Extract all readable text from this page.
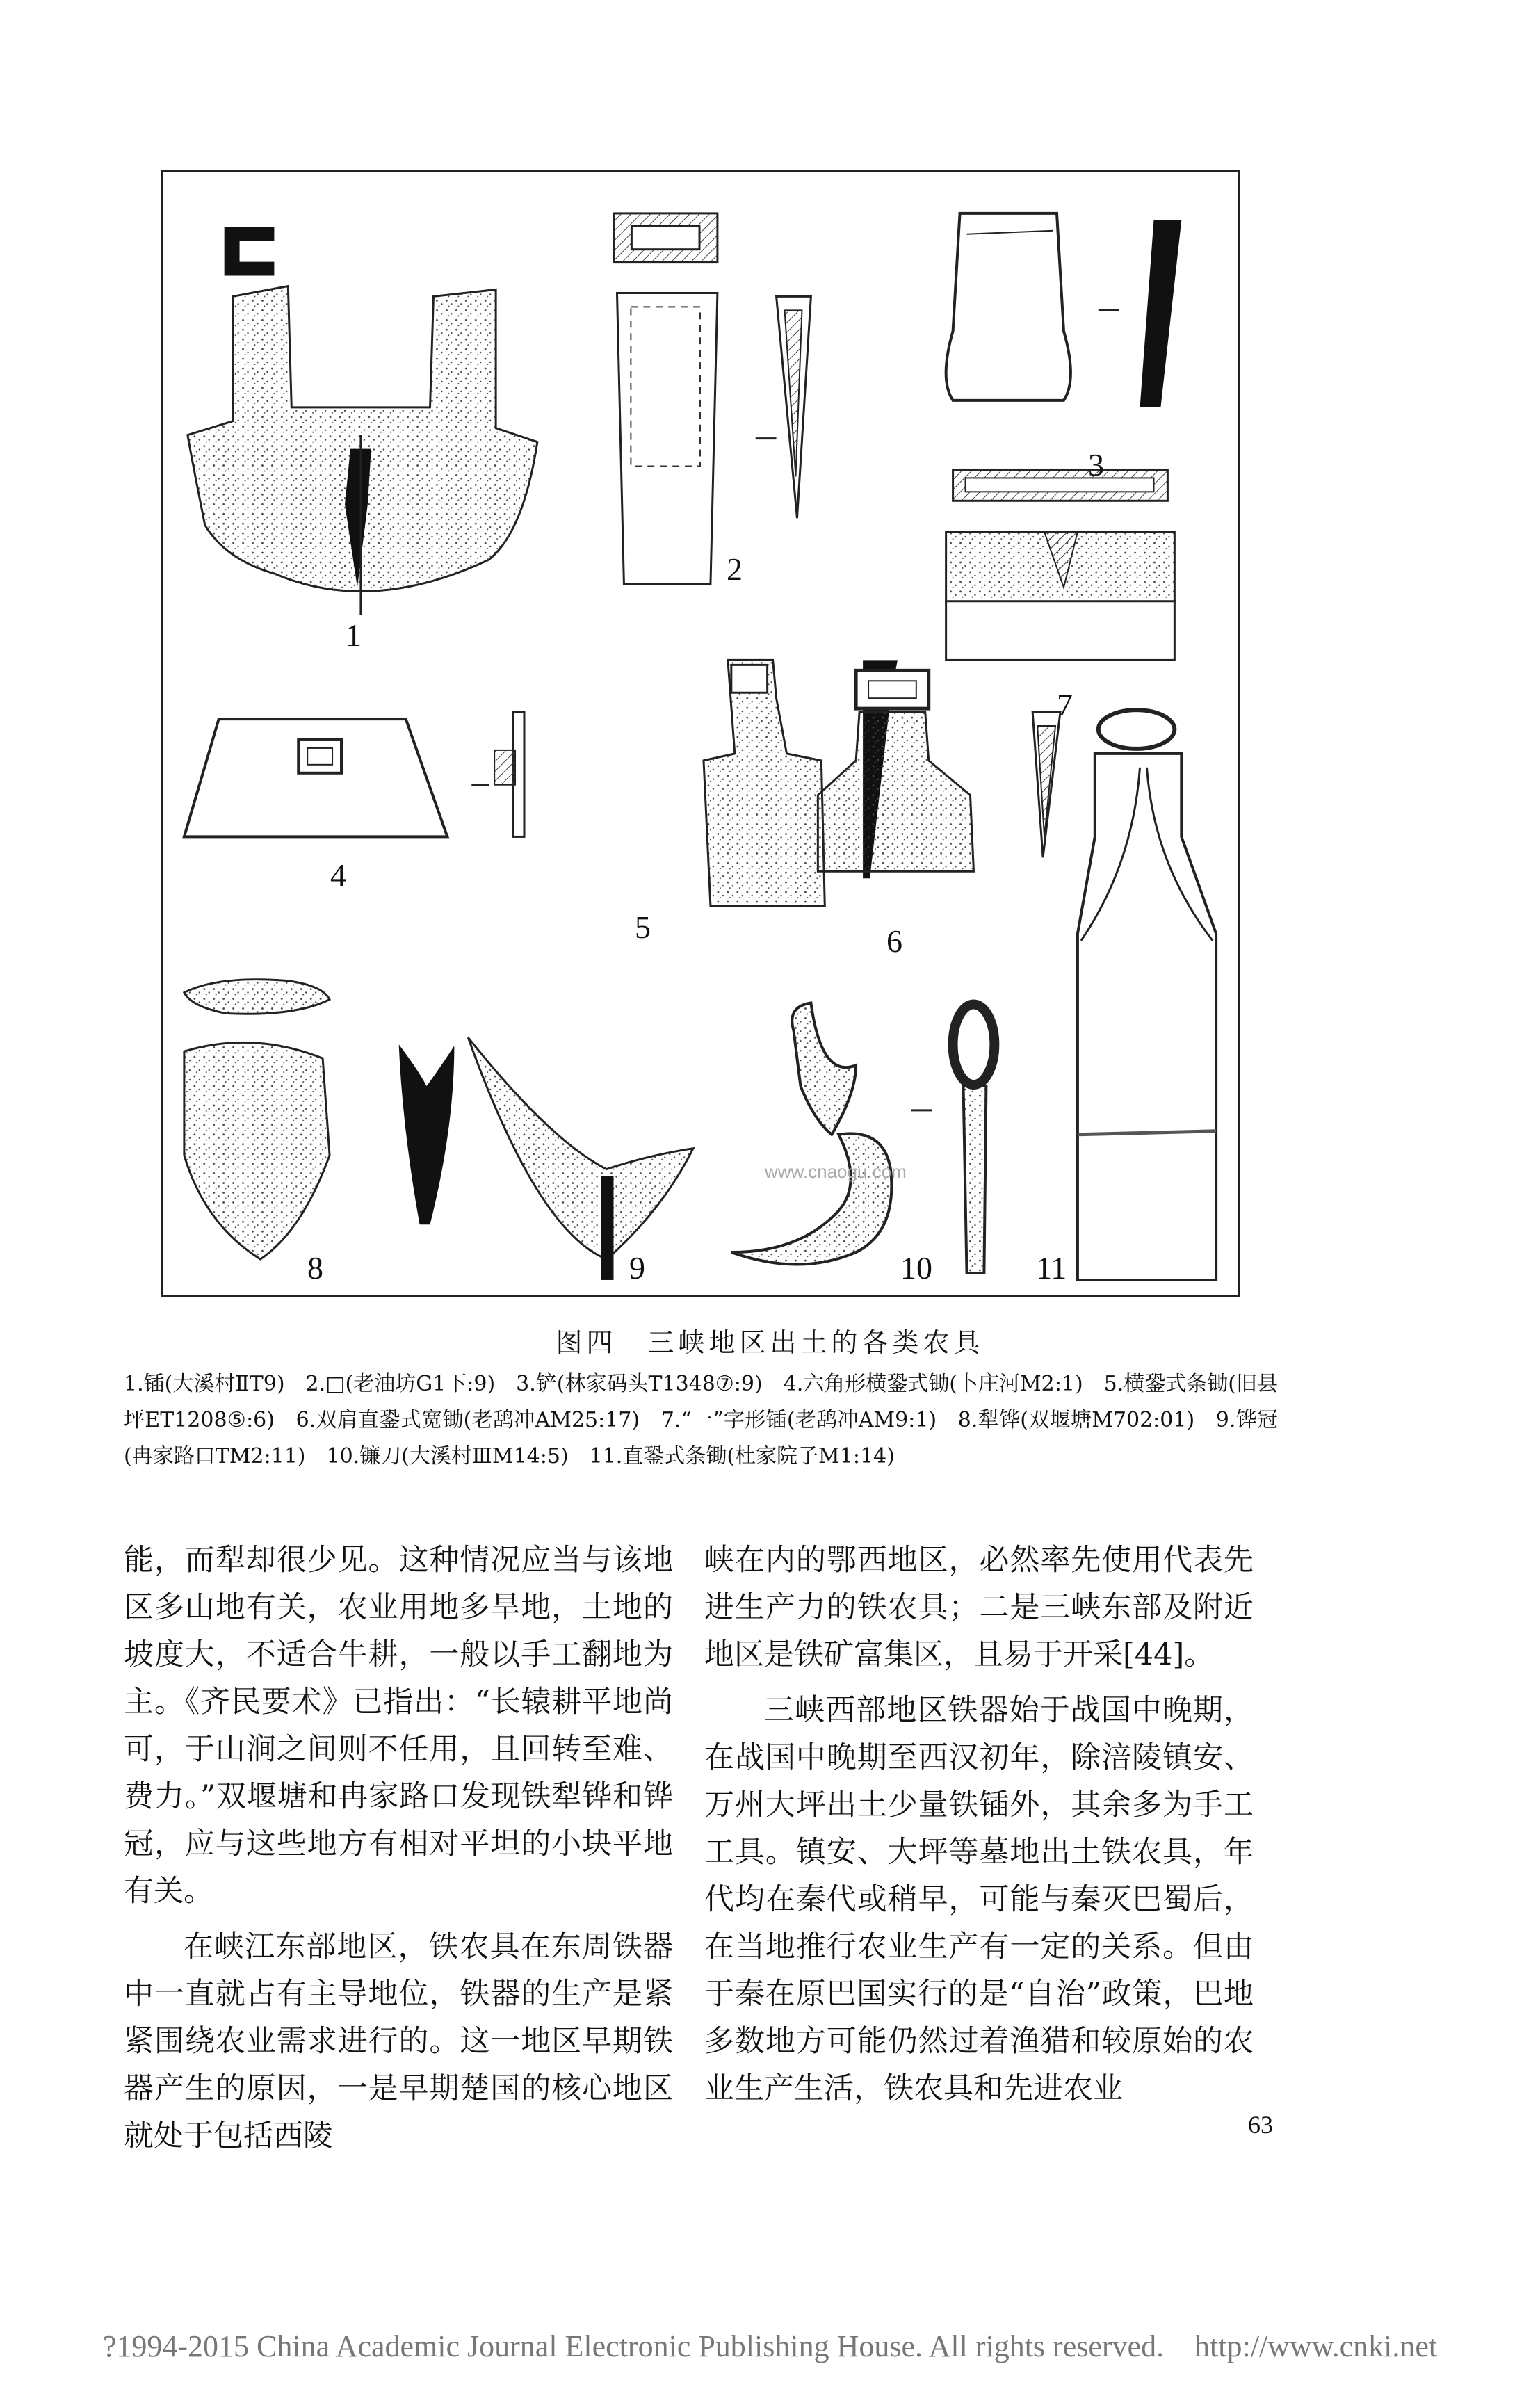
1
2
3
4
5	6
7
8	9	10	11
www.cnaogu.com
图四　三峡地区出土的各类农具
1.锸(大溪村ⅡT9)　2.□(老油坊G1下:9)　3.铲(林家码头T1348⑦:9)　4.六角形横銎式锄(卜庄河M2:1)　5.横銎式条锄(旧县坪ET1208⑤:6)　6.双肩直銎式宽锄(老鸹冲AM25:17)　7.“一”字形锸(老鸹冲AM9:1)　8.犁铧(双堰塘M702:01)　9.铧冠(冉家路口TM2:11)　10.镰刀(大溪村ⅢM14:5)　11.直銎式条锄(杜家院子M1:14)

能，而犁却很少见。这种情况应当与该地区多山地有关，农业用地多旱地，土地的坡度大，不适合牛耕，一般以手工翻地为主。《齐民要术》已指出：“长辕耕平地尚可，于山涧之间则不任用，且回转至难、费力。”双堰塘和冉家路口发现铁犁铧和铧冠，应与这些地方有相对平坦的小块平地有关。

在峡江东部地区，铁农具在东周铁器中一直就占有主导地位，铁器的生产是紧紧围绕农业需求进行的。这一地区早期铁器产生的原因，一是早期楚国的核心地区就处于包括西陵

峡在内的鄂西地区，必然率先使用代表先进生产力的铁农具；二是三峡东部及附近地区是铁矿富集区，且易于开采[44]。

三峡西部地区铁器始于战国中晚期，在战国中晚期至西汉初年，除涪陵镇安、万州大坪出土少量铁锸外，其余多为手工工具。镇安、大坪等墓地出土铁农具，年代均在秦代或稍早，可能与秦灭巴蜀后，在当地推行农业生产有一定的关系。但由于秦在原巴国实行的是“自治”政策，巴地多数地方可能仍然过着渔猎和较原始的农业生产生活，铁农具和先进农业

63
?1994-2015 China Academic Journal Electronic Publishing House. All rights reserved.　http://www.cnki.net
